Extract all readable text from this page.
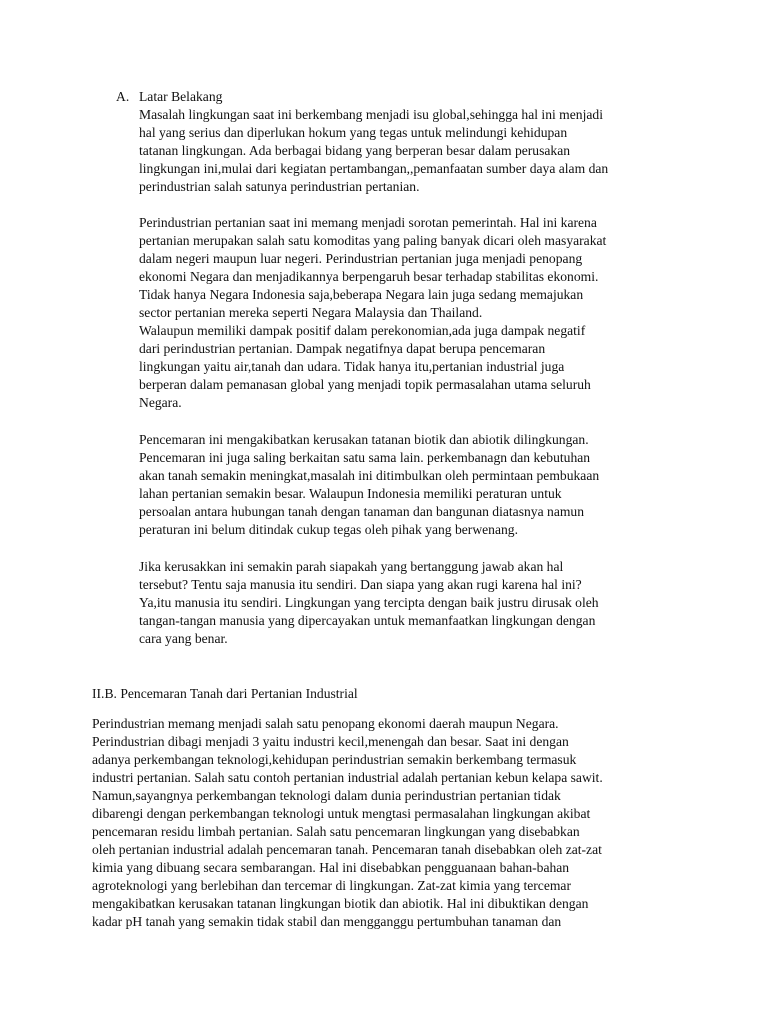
A. Latar Belakang
Masalah lingkungan saat ini berkembang menjadi isu global,sehingga hal ini menjadi
hal yang serius dan diperlukan hokum yang tegas untuk melindungi kehidupan
tatanan lingkungan. Ada berbagai bidang yang berperan besar dalam perusakan
lingkungan ini,mulai dari kegiatan pertambangan,,pemanfaatan sumber daya alam dan
perindustrian salah satunya perindustrian pertanian.
Perindustrian pertanian saat ini memang menjadi sorotan pemerintah. Hal ini karena
pertanian merupakan salah satu komoditas yang paling banyak dicari oleh masyarakat
dalam negeri maupun luar negeri. Perindustrian pertanian juga menjadi penopang
ekonomi Negara dan menjadikannya berpengaruh besar terhadap stabilitas ekonomi.
Tidak hanya Negara Indonesia saja,beberapa Negara lain juga sedang memajukan
sector pertanian mereka seperti Negara Malaysia dan Thailand.
Walaupun memiliki dampak positif dalam perekonomian,ada juga dampak negatif
dari perindustrian pertanian. Dampak negatifnya dapat berupa pencemaran
lingkungan yaitu air,tanah dan udara. Tidak hanya itu,pertanian industrial juga
berperan dalam pemanasan global yang menjadi topik permasalahan utama seluruh
Negara.
Pencemaran ini mengakibatkan kerusakan tatanan biotik dan abiotik dilingkungan.
Pencemaran ini juga saling berkaitan satu sama lain. perkembanagn dan kebutuhan
akan tanah semakin meningkat,masalah ini ditimbulkan oleh permintaan pembukaan
lahan pertanian semakin besar. Walaupun Indonesia memiliki peraturan untuk
persoalan antara hubungan tanah dengan tanaman dan bangunan diatasnya namun
peraturan ini belum ditindak cukup tegas oleh pihak yang berwenang.
Jika kerusakkan ini semakin parah siapakah yang bertanggung jawab akan hal
tersebut? Tentu saja manusia itu sendiri. Dan siapa yang akan rugi karena hal ini?
Ya,itu manusia itu sendiri. Lingkungan yang tercipta dengan baik justru dirusak oleh
tangan-tangan manusia yang dipercayakan untuk memanfaatkan lingkungan dengan
cara yang benar.
II.B. Pencemaran Tanah dari Pertanian Industrial
Perindustrian memang menjadi salah satu penopang ekonomi daerah maupun Negara.
Perindustrian dibagi menjadi 3 yaitu industri kecil,menengah dan besar. Saat ini dengan
adanya perkembangan teknologi,kehidupan perindustrian semakin berkembang termasuk
industri pertanian. Salah satu contoh pertanian industrial adalah pertanian kebun kelapa sawit.
Namun,sayangnya perkembangan teknologi dalam dunia perindustrian pertanian tidak
dibarengi dengan perkembangan teknologi untuk mengtasi permasalahan lingkungan akibat
pencemaran residu limbah pertanian. Salah satu pencemaran lingkungan yang disebabkan
oleh pertanian industrial adalah pencemaran tanah. Pencemaran tanah disebabkan oleh zat-zat
kimia yang dibuang secara sembarangan. Hal ini disebabkan pengguanaan bahan-bahan
agroteknologi yang berlebihan dan tercemar di lingkungan. Zat-zat kimia yang tercemar
mengakibatkan kerusakan tatanan lingkungan biotik dan abiotik. Hal ini dibuktikan dengan
kadar pH tanah yang semakin tidak stabil dan mengganggu pertumbuhan tanaman dan
